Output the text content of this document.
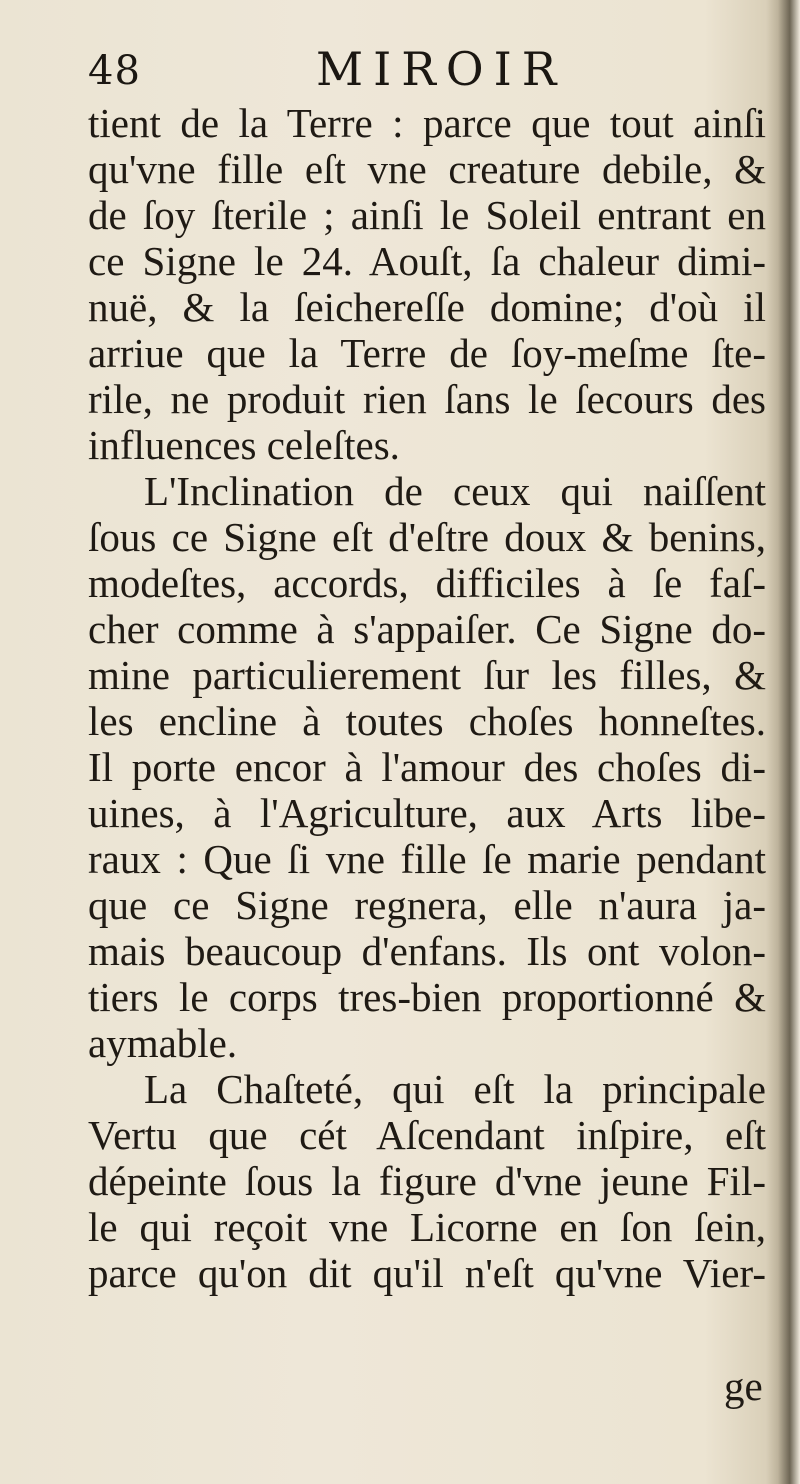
48	MIROIR
tient de la Terre : parce que tout ainſi
qu'vne fille eſt vne creature debile, &
de ſoy ſterile ; ainſi le Soleil entrant en
ce Signe le 24. Aouſt, ſa chaleur dimi-
nuë, & la ſeichereſſe domine; d'où il
arriue que la Terre de ſoy-meſme ſte-
rile, ne produit rien ſans le ſecours des
influences celeſtes.
L'Inclination de ceux qui naiſſent
ſous ce Signe eſt d'eſtre doux & benins,
modeſtes, accords, difficiles à ſe faſ-
cher comme à s'appaiſer. Ce Signe do-
mine particulierement ſur les filles, &
les encline à toutes choſes honneſtes.
Il porte encor à l'amour des choſes di-
uines, à l'Agriculture, aux Arts libe-
raux : Que ſi vne fille ſe marie pendant
que ce Signe regnera, elle n'aura ja-
mais beaucoup d'enfans. Ils ont volon-
tiers le corps tres-bien proportionné &
aymable.
La Chaſteté, qui eſt la principale
Vertu que cét Aſcendant inſpire, eſt
dépeinte ſous la figure d'vne jeune Fil-
le qui reçoit vne Licorne en ſon ſein,
parce qu'on dit qu'il n'eſt qu'vne Vier-
ge
